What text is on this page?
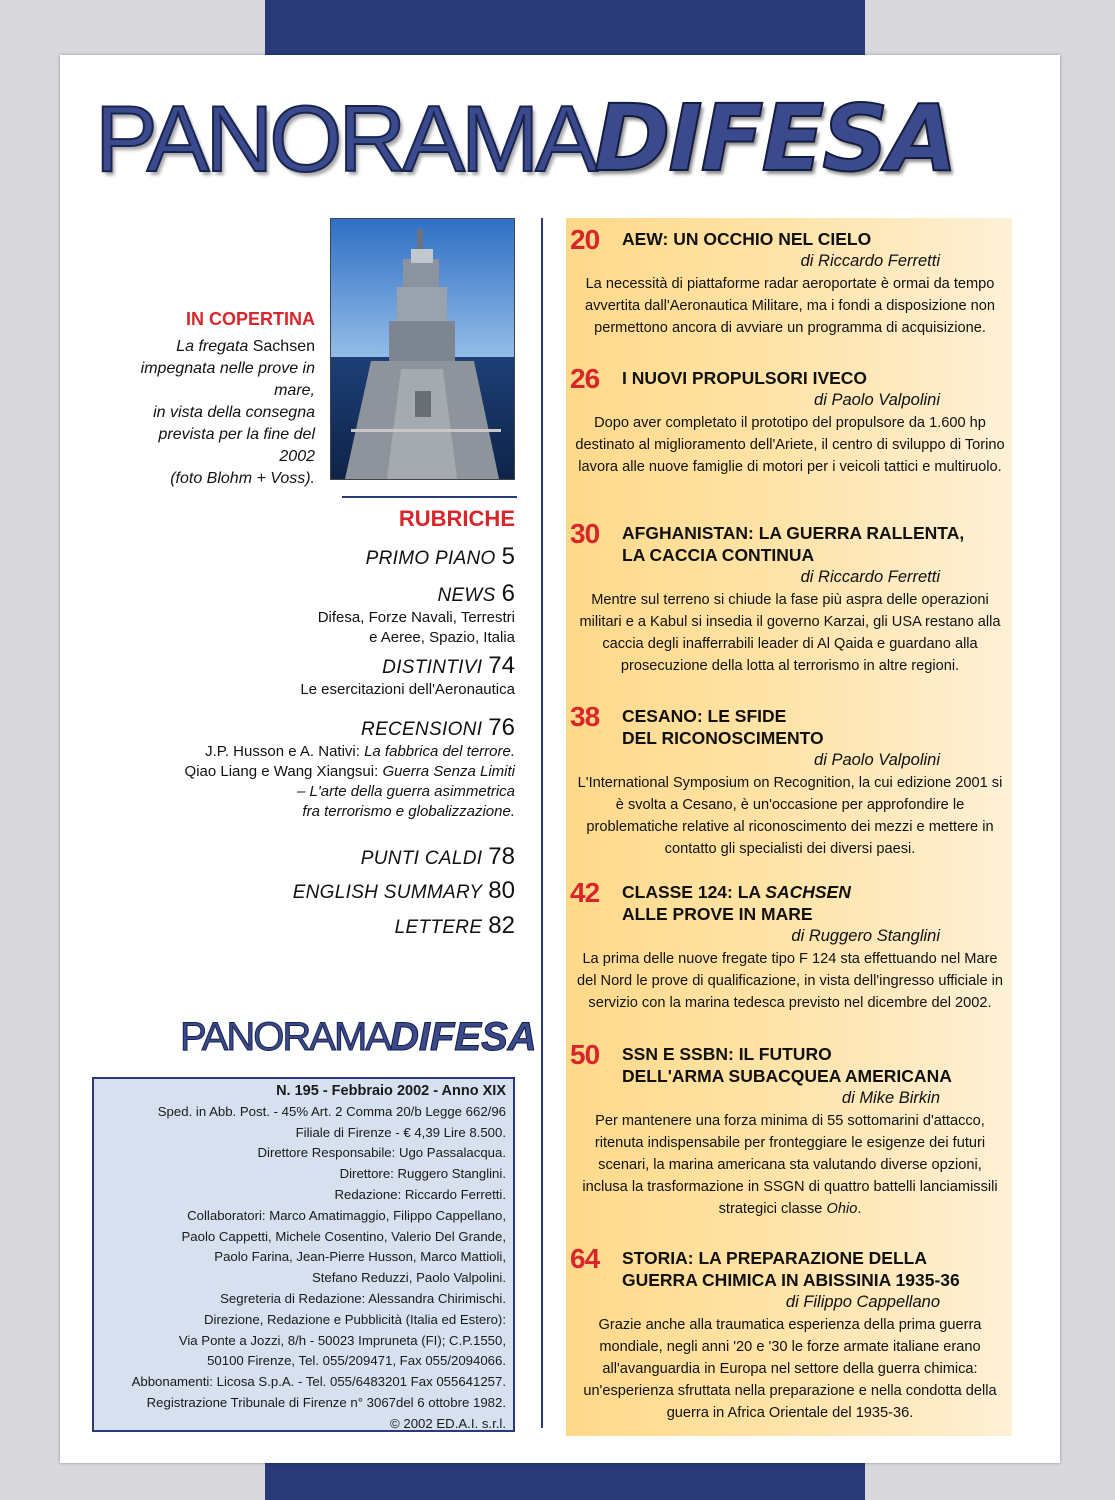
PANORAMADIFESA
IN COPERTINA
La fregata Sachsen
impegnata nelle prove in mare,
in vista della consegna
prevista per la fine del 2002
(foto Blohm + Voss).
RUBRICHE
PRIMO PIANO 5
NEWS 6
Difesa, Forze Navali, Terrestri
e Aeree, Spazio, Italia
DISTINTIVI 74
Le esercitazioni dell'Aeronautica
RECENSIONI 76
J.P. Husson e A. Nativi: La fabbrica del terrore.
Qiao Liang e Wang Xiangsui: Guerra Senza Limiti
– L'arte della guerra asimmetrica
fra terrorismo e globalizzazione.
PUNTI CALDI 78
ENGLISH SUMMARY 80
LETTERE 82
PANORAMADIFESA
N. 195 - Febbraio 2002 - Anno XIX
Sped. in Abb. Post. - 45% Art. 2 Comma 20/b Legge 662/96
Filiale di Firenze - € 4,39 Lire 8.500.
Direttore Responsabile: Ugo Passalacqua.
Direttore: Ruggero Stanglini.
Redazione: Riccardo Ferretti.
Collaboratori: Marco Amatimaggio, Filippo Cappellano,
Paolo Cappetti, Michele Cosentino, Valerio Del Grande,
Paolo Farina, Jean-Pierre Husson, Marco Mattioli,
Stefano Reduzzi, Paolo Valpolini.
Segreteria di Redazione: Alessandra Chirimischi.
Direzione, Redazione e Pubblicità (Italia ed Estero):
Via Ponte a Jozzi, 8/h - 50023 Impruneta (FI); C.P.1550,
50100 Firenze, Tel. 055/209471, Fax 055/2094066.
Abbonamenti: Licosa S.p.A. - Tel. 055/6483201 Fax 055641257.
Registrazione Tribunale di Firenze n° 3067del 6 ottobre 1982.
© 2002 ED.A.I. s.r.l.
20 AEW: UN OCCHIO NEL CIELO
di Riccardo Ferretti
La necessità di piattaforme radar aeroportate è ormai da tempo avvertita dall'Aeronautica Militare, ma i fondi a disposizione non permettono ancora di avviare un programma di acquisizione.
26 I NUOVI PROPULSORI IVECO
di Paolo Valpolini
Dopo aver completato il prototipo del propulsore da 1.600 hp destinato al miglioramento dell'Ariete, il centro di sviluppo di Torino lavora alle nuove famiglie di motori per i veicoli tattici e multiruolo.
30 AFGHANISTAN: LA GUERRA RALLENTA,
LA CACCIA CONTINUA
di Riccardo Ferretti
Mentre sul terreno si chiude la fase più aspra delle operazioni militari e a Kabul si insedia il governo Karzai, gli USA restano alla caccia degli inafferrabili leader di Al Qaida e guardano alla prosecuzione della lotta al terrorismo in altre regioni.
38 CESANO: LE SFIDE
DEL RICONOSCIMENTO
di Paolo Valpolini
L'International Symposium on Recognition, la cui edizione 2001 si è svolta a Cesano, è un'occasione per approfondire le problematiche relative al riconoscimento dei mezzi e mettere in contatto gli specialisti dei diversi paesi.
42 CLASSE 124: LA SACHSEN
ALLE PROVE IN MARE
di Ruggero Stanglini
La prima delle nuove fregate tipo F 124 sta effettuando nel Mare del Nord le prove di qualificazione, in vista dell'ingresso ufficiale in servizio con la marina tedesca previsto nel dicembre del 2002.
50 SSN E SSBN: IL FUTURO
DELL'ARMA SUBACQUEA AMERICANA
di Mike Birkin
Per mantenere una forza minima di 55 sottomarini d'attacco, ritenuta indispensabile per fronteggiare le esigenze dei futuri scenari, la marina americana sta valutando diverse opzioni, inclusa la trasformazione in SSGN di quattro battelli lanciamissili strategici classe Ohio.
64 STORIA: LA PREPARAZIONE DELLA
GUERRA CHIMICA IN ABISSINIA 1935-36
di Filippo Cappellano
Grazie anche alla traumatica esperienza della prima guerra mondiale, negli anni '20 e '30 le forze armate italiane erano all'avanguardia in Europa nel settore della guerra chimica: un'esperienza sfruttata nella preparazione e nella condotta della guerra in Africa Orientale del 1935-36.
